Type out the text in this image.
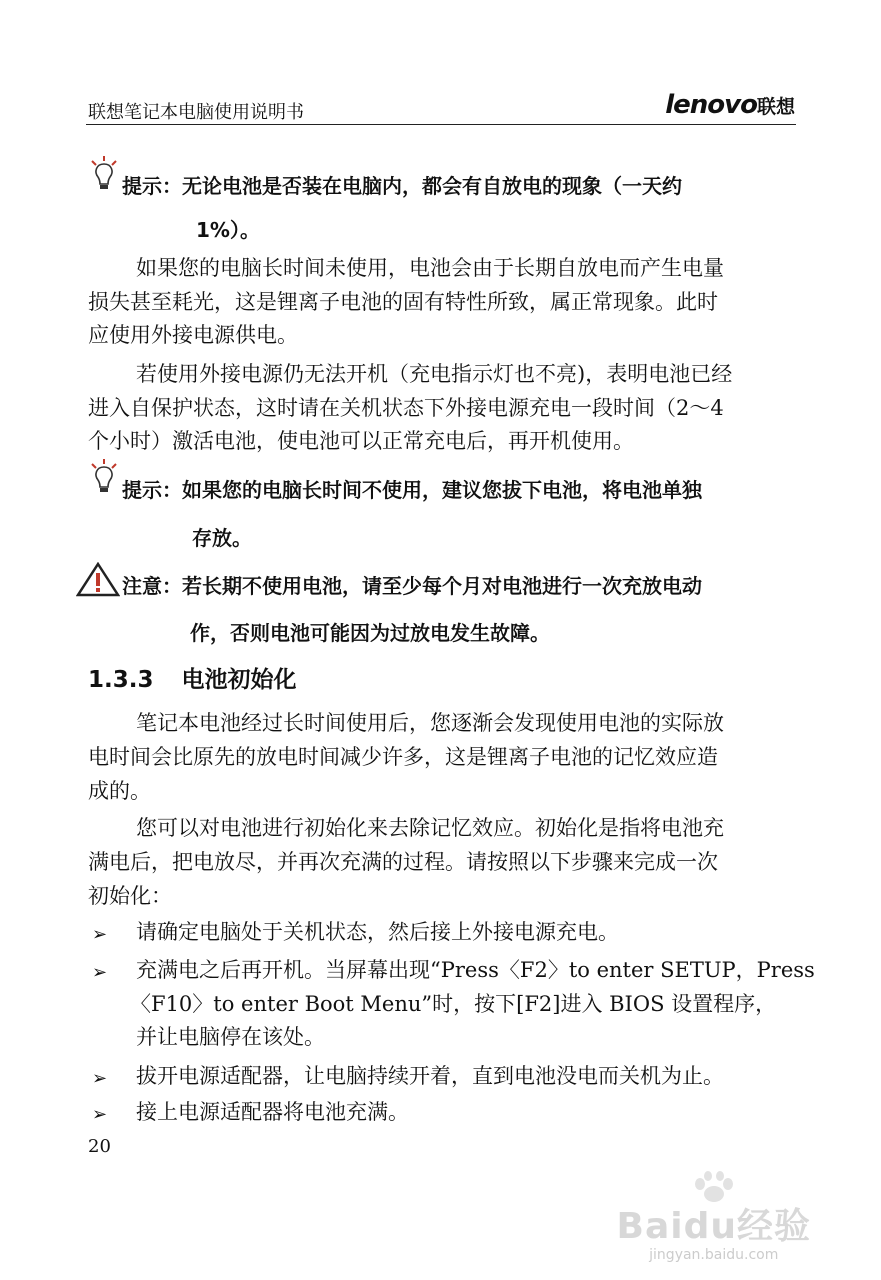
联想笔记本电脑使用说明书	lenovo联想
提示：无论电池是否装在电脑内，都会有自放电的现象（一天约
1%）。
如果您的电脑长时间未使用，电池会由于长期自放电而产生电量
损失甚至耗光，这是锂离子电池的固有特性所致，属正常现象。此时
应使用外接电源供电。
若使用外接电源仍无法开机（充电指示灯也不亮)，表明电池已经
进入自保护状态，这时请在关机状态下外接电源充电一段时间（2～4
个小时）激活电池，使电池可以正常充电后，再开机使用。
提示：如果您的电脑长时间不使用，建议您拔下电池，将电池单独
存放。
注意：若长期不使用电池，请至少每个月对电池进行一次充放电动
作，否则电池可能因为过放电发生故障。
1.3.3 电池初始化
笔记本电池经过长时间使用后，您逐渐会发现使用电池的实际放
电时间会比原先的放电时间减少许多，这是锂离子电池的记忆效应造
成的。
您可以对电池进行初始化来去除记忆效应。初始化是指将电池充
满电后，把电放尽，并再次充满的过程。请按照以下步骤来完成一次
初始化：
➢	请确定电脑处于关机状态，然后接上外接电源充电。
➢	充满电之后再开机。当屏幕出现“Press〈F2〉to enter SETUP，Press
〈F10〉to enter Boot Menu”时，按下[F2]进入 BIOS 设置程序，
并让电脑停在该处。
➢	拔开电源适配器，让电脑持续开着，直到电池没电而关机为止。
➢	接上电源适配器将电池充满。
20
Baidu经验
jingyan.baidu.com
